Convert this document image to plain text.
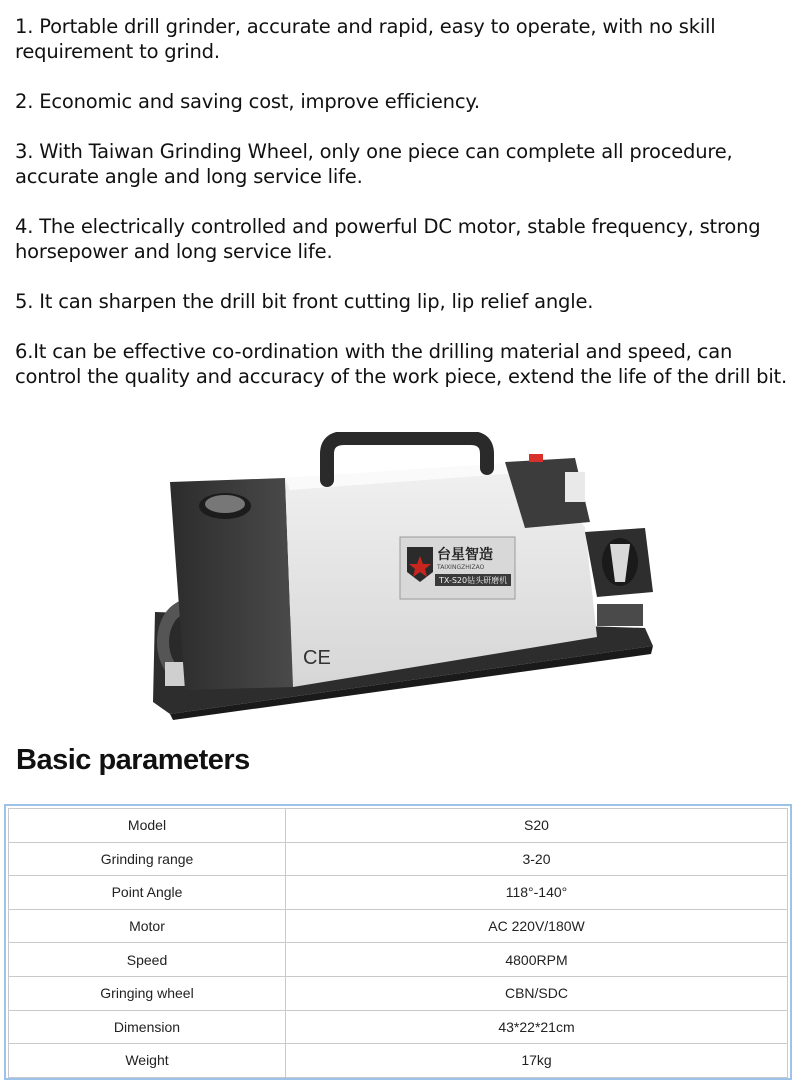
1. Portable drill grinder, accurate and rapid, easy to operate, with no skill requirement to grind.

2. Economic and saving cost, improve efficiency.

3. With Taiwan Grinding Wheel, only one piece can complete all procedure, accurate angle and long service life.

4. The electrically controlled and powerful DC motor, stable frequency, strong horsepower and long service life.

5. It can sharpen the drill bit front cutting lip, lip relief angle.

6.It can be effective co-ordination with the drilling material and speed, can control the quality and accuracy of the work piece, extend the life of the drill bit.

台星智造
TAIXINGZHIZAO
TX-S20钻头研磨机
CE
Basic parameters
Model	S20
Grinding range	3-20
Point Angle	118°-140°
Motor	AC 220V/180W
Speed	4800RPM
Gringing wheel	CBN/SDC
Dimension	43*22*21cm
Weight	17kg
